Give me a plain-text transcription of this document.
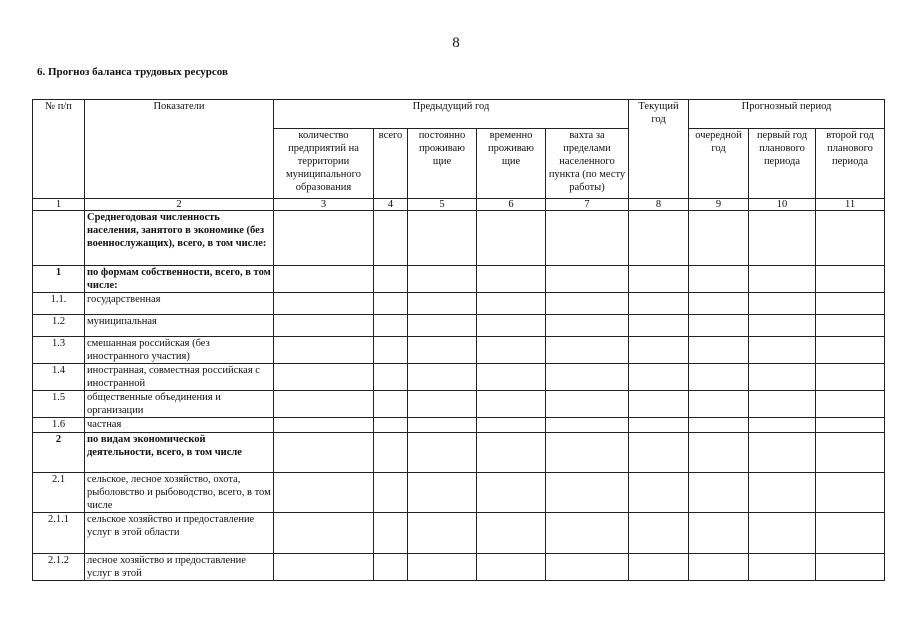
8
6. Прогноз баланса трудовых ресурсов
№ п/п	Показатели	Предыдущий год					Текущий год	Прогнозный период		
		количество предприятий на территории муниципального образования	всего	постоянно проживаю щие	временно проживаю щие	вахта за пределами населенного пункта (по месту работы)		очередной год	первый год планового периода	второй год планового периода
1	2	3	4	5	6	7	8	9	10	11
	Среднегодовая численность населения, занятого в экономике (без военнослужащих), всего, в том числе:									
1	по формам собственности, всего, в том числе:									
1.1.	государственная									
1.2	муниципальная									
1.3	смешанная российская (без иностранного участия)									
1.4	иностранная, совместная российская с иностранной									
1.5	общественные объединения и организации									
1.6	частная									
2	по видам экономической деятельности, всего, в том числе									
2.1	сельское, лесное хозяйство, охота, рыболовство и рыбоводство, всего, в том числе									
2.1.1	сельское хозяйство и предоставление услуг в этой области									
2.1.2	лесное хозяйство и предоставление услуг в этой									
